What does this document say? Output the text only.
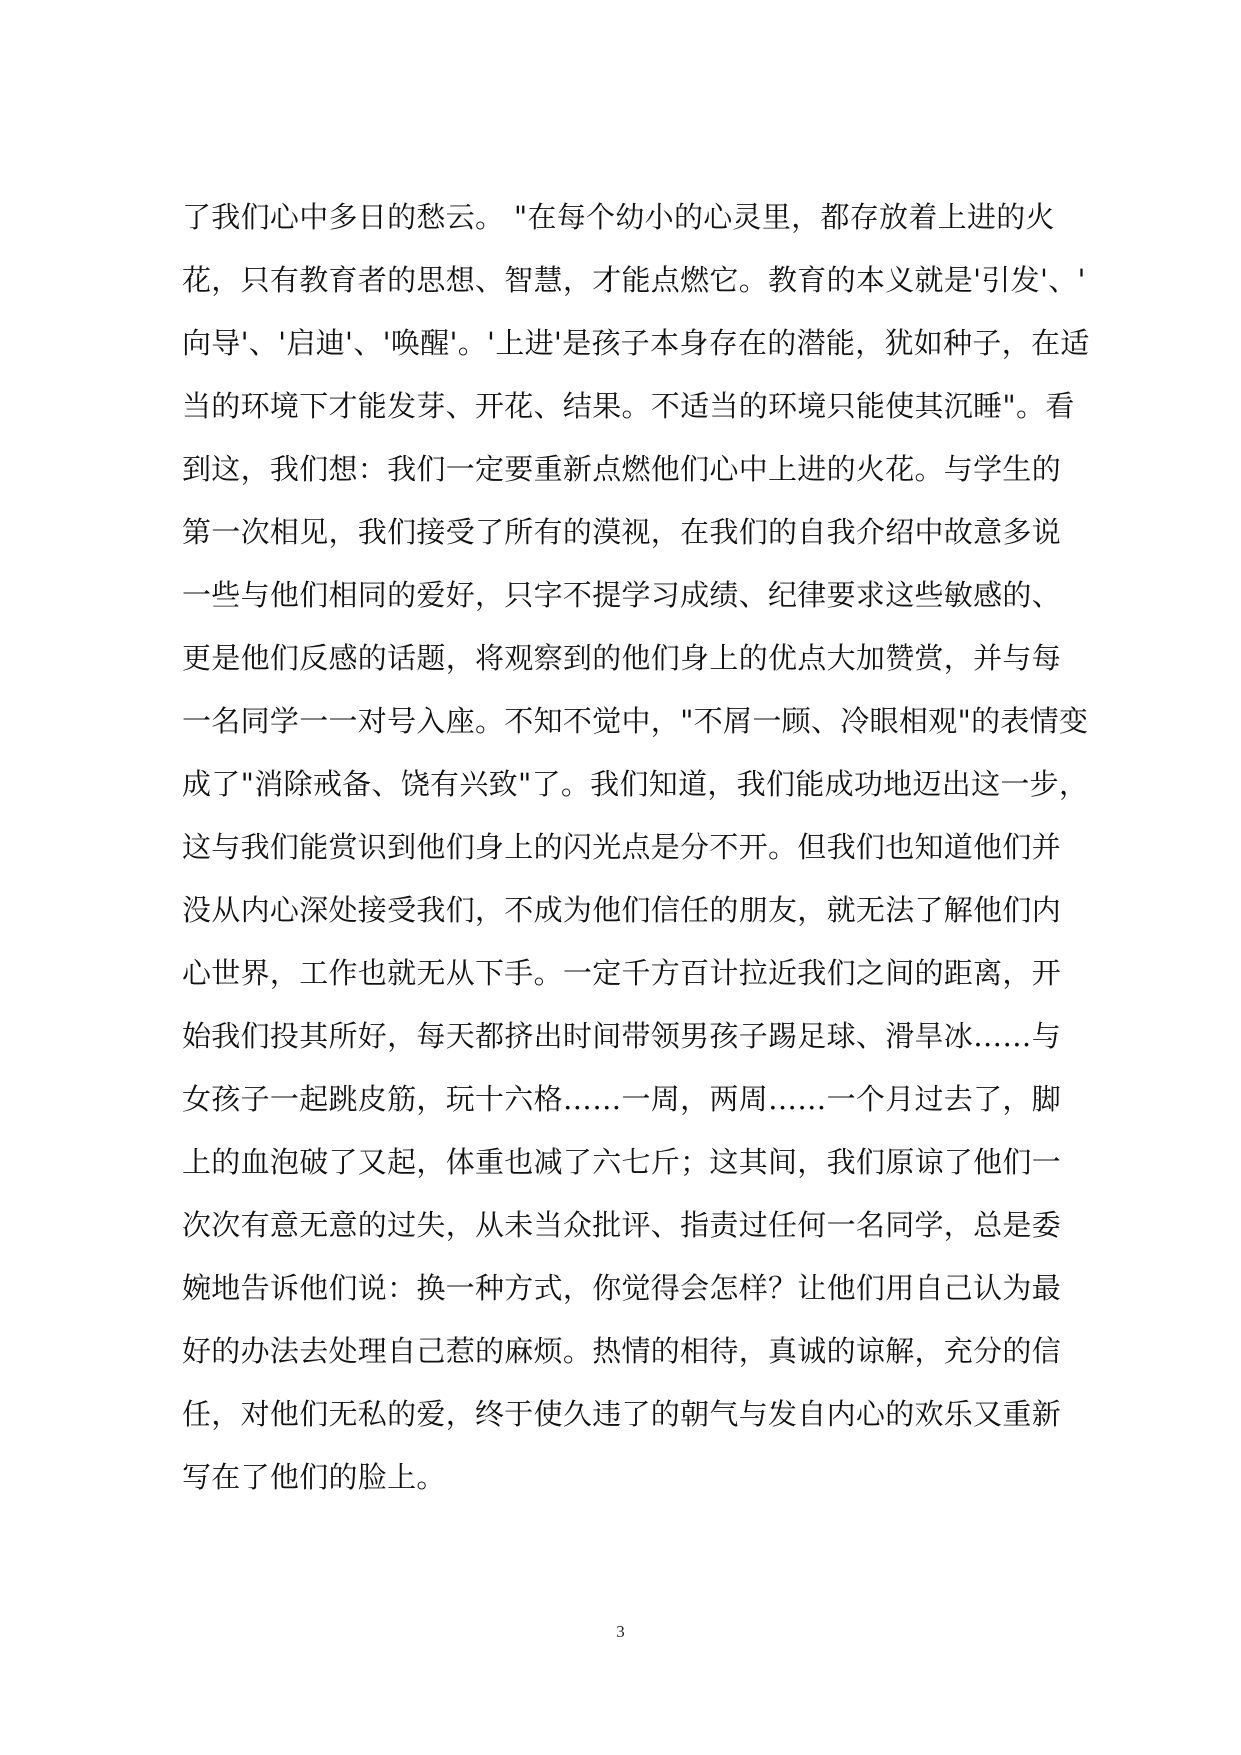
了我们心中多日的愁云。 "在每个幼小的心灵里，都存放着上进的火
花，只有教育者的思想、智慧，才能点燃它。教育的本义就是'引发'、'
向导'、'启迪'、'唤醒'。'上进'是孩子本身存在的潜能，犹如种子，在适
当的环境下才能发芽、开花、结果。不适当的环境只能使其沉睡"。看
到这，我们想：我们一定要重新点燃他们心中上进的火花。与学生的
第一次相见，我们接受了所有的漠视，在我们的自我介绍中故意多说
一些与他们相同的爱好，只字不提学习成绩、纪律要求这些敏感的、
更是他们反感的话题，将观察到的他们身上的优点大加赞赏，并与每
一名同学一一对号入座。不知不觉中，"不屑一顾、冷眼相观"的表情变
成了"消除戒备、饶有兴致"了。我们知道，我们能成功地迈出这一步，
这与我们能赏识到他们身上的闪光点是分不开。但我们也知道他们并
没从内心深处接受我们，不成为他们信任的朋友，就无法了解他们内
心世界，工作也就无从下手。一定千方百计拉近我们之间的距离，开
始我们投其所好，每天都挤出时间带领男孩子踢足球、滑旱冰……与
女孩子一起跳皮筋，玩十六格……一周，两周……一个月过去了，脚
上的血泡破了又起，体重也减了六七斤；这其间，我们原谅了他们一
次次有意无意的过失，从未当众批评、指责过任何一名同学，总是委
婉地告诉他们说：换一种方式，你觉得会怎样？让他们用自己认为最
好的办法去处理自己惹的麻烦。热情的相待，真诚的谅解，充分的信
任，对他们无私的爱，终于使久违了的朝气与发自内心的欢乐又重新
写在了他们的脸上。
3
